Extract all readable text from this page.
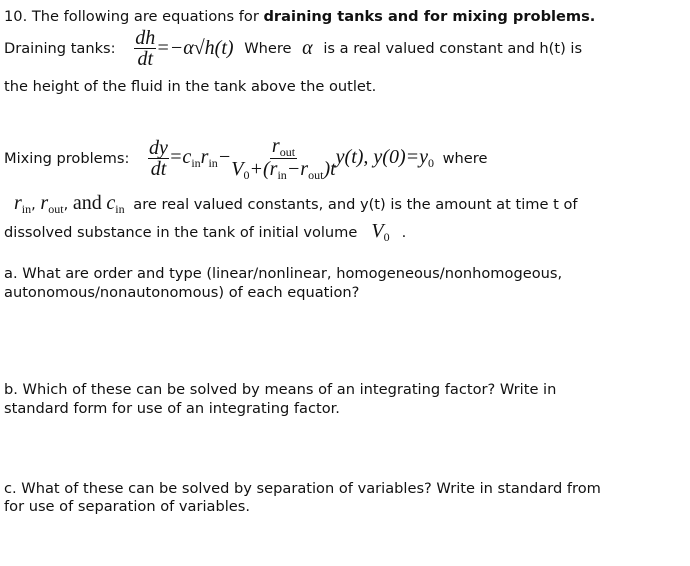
10. The following are equations for draining tanks and for mixing problems.
Draining tanks: $\frac{dh}{dt} =-\alpha√h(t)$ Where α is a real valued constant and h(t) is
the height of the fluid in the tank above the outlet.
Mixing problems: $\frac{dy}{dt} =c_{in}r_{in}- \frac{r_{out}}{V_0+(r_{in}-r_{out})t} y(t)$, $y(0)=y_0$ where
$r_{in}$, $r_{out}$, and $c_{in}$ are real valued constants, and y(t) is the amount at time t of
dissolved substance in the tank of initial volume $V_0$ .
a. What are order and type (linear/nonlinear, homogeneous/nonhomogeous,
autonomous/nonautonomous) of each equation?
b. Which of these can be solved by means of an integrating factor? Write in
standard form for use of an integrating factor.
c. What of these can be solved by separation of variables? Write in standard from
for use of separation of variables.
